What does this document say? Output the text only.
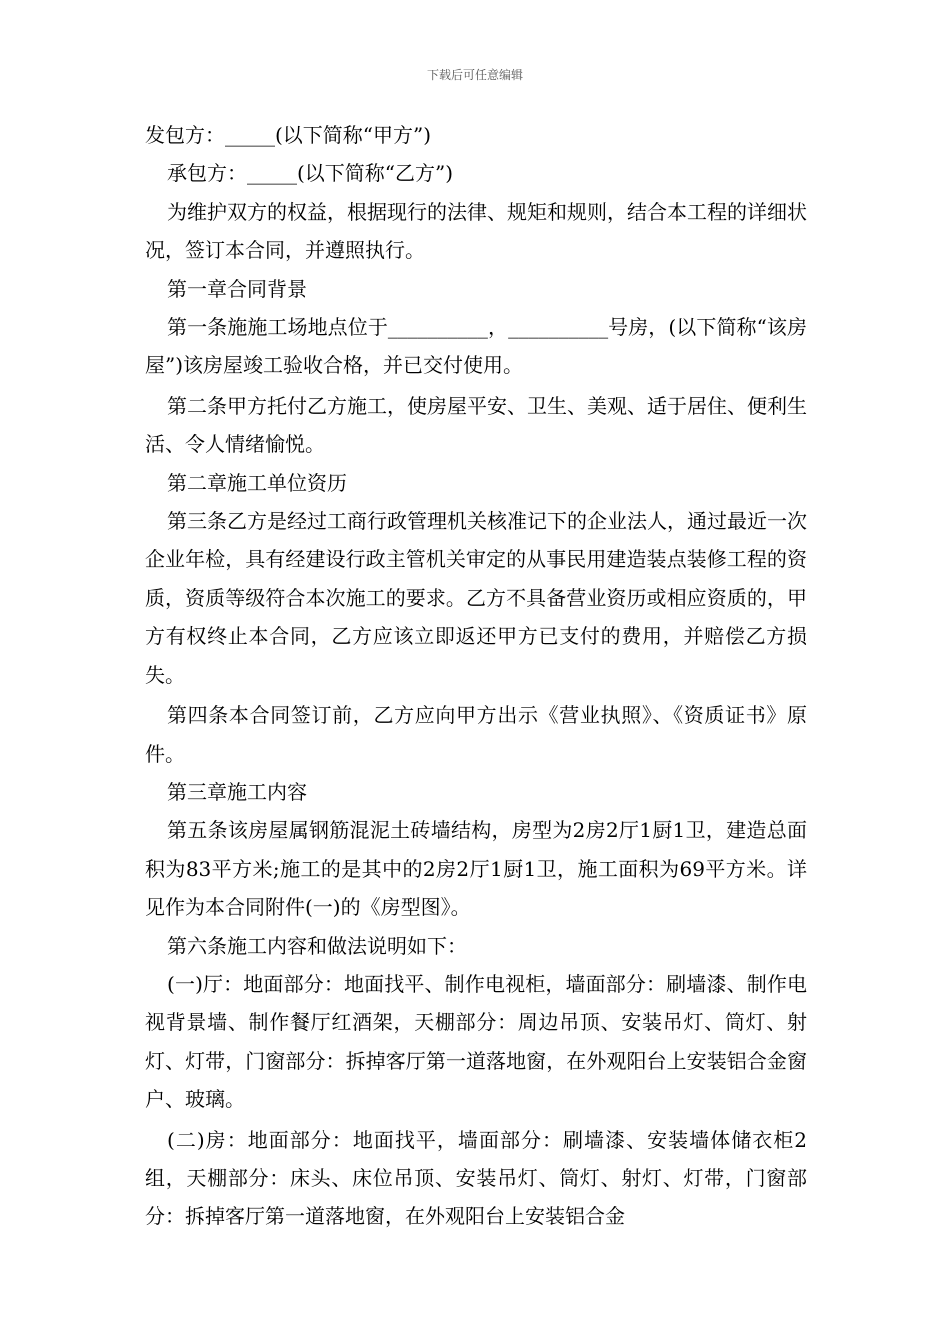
下载后可任意编辑

发包方：_____(以下简称“甲方”)

承包方：_____(以下简称“乙方”)

为维护双方的权益，根据现行的法律、规矩和规则，结合本工程的详细状况，签订本合同，并遵照执行。

第一章合同背景

第一条施施工场地点位于__________，__________号房，(以下简称“该房屋”)该房屋竣工验收合格，并已交付使用。

第二条甲方托付乙方施工，使房屋平安、卫生、美观、适于居住、便利生活、令人情绪愉悦。

第二章施工单位资历

第三条乙方是经过工商行政管理机关核准记下的企业法人，通过最近一次企业年检，具有经建设行政主管机关审定的从事民用建造装点装修工程的资质，资质等级符合本次施工的要求。乙方不具备营业资历或相应资质的，甲方有权终止本合同，乙方应该立即返还甲方已支付的费用，并赔偿乙方损失。

第四条本合同签订前，乙方应向甲方出示《营业执照》、《资质证书》原件。

第三章施工内容

第五条该房屋属钢筋混泥土砖墙结构，房型为2房2厅1厨1卫，建造总面积为83平方米;施工的是其中的2房2厅1厨1卫，施工面积为69平方米。详见作为本合同附件(一)的《房型图》。

第六条施工内容和做法说明如下：

(一)厅：地面部分：地面找平、制作电视柜，墙面部分：刷墙漆、制作电视背景墙、制作餐厅红酒架，天棚部分：周边吊顶、安装吊灯、筒灯、射灯、灯带，门窗部分：拆掉客厅第一道落地窗，在外观阳台上安装铝合金窗户、玻璃。

(二)房：地面部分：地面找平，墙面部分：刷墙漆、安装墙体储衣柜2组，天棚部分：床头、床位吊顶、安装吊灯、筒灯、射灯、灯带，门窗部分：拆掉客厅第一道落地窗，在外观阳台上安装铝合金
